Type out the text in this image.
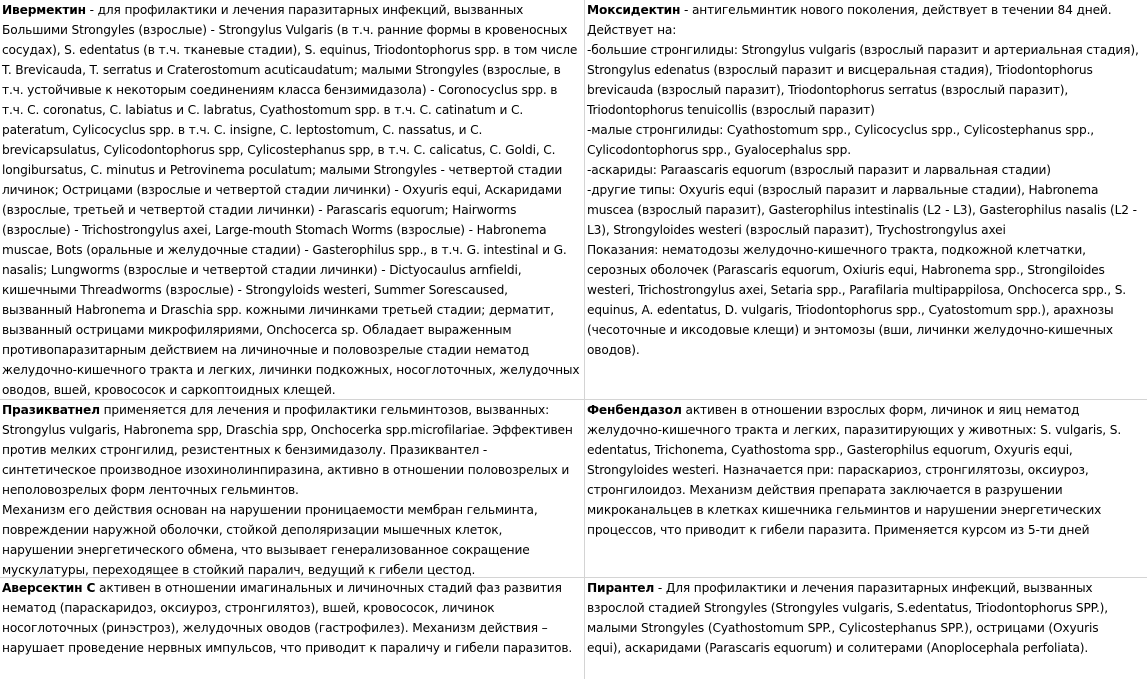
Ивермектин - для профилактики и лечения паразитарных инфекций, вызванных
Большими Strongyles (взрослые) - Strongylus Vulgaris (в т.ч. ранние формы в кровеносных
сосудах), S. edentatus (в т.ч. тканевые стадии), S. equinus, Triodontophorus spp. в том числе
T. Brevicauda, T. serratus и Craterostomum acuticaudatum; малыми Strongyles (взрослые, в
т.ч. устойчивые к некоторым соединениям класса бензимидазола) - Coronocyclus spp. в
т.ч. C. coronatus, C. labiatus и C. labratus, Cyathostomum spp. в т.ч. C. catinatum и C.
pateratum, Cylicocyclus spp. в т.ч. C. insigne, C. leptostomum, C. nassatus, и C.
brevicapsulatus, Cylicodontophorus spp, Cylicostephanus spp, в т.ч. C. calicatus, C. Goldi, C.
longibursatus, C. minutus и Petrovinema poculatum; малыми Strongyles - четвертой стадии
личинок; Острицами (взрослые и четвертой стадии личинки) - Oxyuris equi, Аскаридами
(взрослые, третьей и четвертой стадии личинки) - Parascaris equorum; Hairworms
(взрослые) - Trichostrongylus axei, Large-mouth Stomach Worms (взрослые) - Habronema
muscae, Bots (оральные и желудочные стадии) - Gasterophilus spp., в т.ч. G. intestinal и G.
nasalis; Lungworms (взрослые и четвертой стадии личинки) - Dictyocaulus arnfieldi,
кишечными Threadworms (взрослые) - Strongyloids westeri, Summer Sorescaused,
вызванный Habronema и Draschia spp. кожными личинками третьей стадии; дерматит,
вызванный острицами микрофиляриями, Onchocerca sp. Обладает выраженным
противопаразитарным действием на личиночные и половозрелые стадии нематод
желудочно-кишечного тракта и легких, личинки подкожных, носоглоточных, желудочных
оводов, вшей, кровососок и саркоптоидных клещей.
Моксидектин - антигельминтик нового поколения, действует в течении 84 дней.
Действует на:
-большие стронгилиды: Strongylus vulgaris (взрослый паразит и артериальная стадия),
Strongylus edenatus (взрослый паразит и висцеральная стадия), Triodontophorus
brevicauda (взрослый паразит), Triodontophorus serratus (взрослый паразит),
Triodontophorus tenuicollis (взрослый паразит)
-малые стронгилиды: Cyathostomum spp., Cylicocyclus spp., Cylicostephanus spp.,
Cylicodontophorus spp., Gyalocephalus spp.
-аскариды: Paraascaris equorum (взрослый паразит и ларвальная стадии)
-другие типы: Oxyuris equi (взрослый паразит и ларвальные стадии), Habronema
muscea (взрослый паразит), Gasterophilus intestinalis (L2 - L3), Gasterophilus nasalis (L2 -
L3), Strongyloides westeri (взрослый паразит), Trychostrongylus axei
Показания: нематодозы желудочно-кишечного тракта, подкожной клетчатки,
серозных оболочек (Parascaris equorum, Oxiuris equi, Habronema spp., Strongiloides
westeri, Trichostrongylus axei, Setaria spp., Parafilaria multipappilosa, Onchocerca spp., S.
equinus, A. edentatus, D. vulgaris, Triodontophorus spp., Cyatostomum spp.), арахнозы
(чесоточные и иксодовые клещи) и энтомозы (вши, личинки желудочно-кишечных
оводов).
Празикватнел применяется для лечения и профилактики гельминтозов, вызванных:
Strongylus vulgaris, Habronema spp, Draschia spp, Onchocerka spp.microfilariae. Эффективен
против мелких стронгилид, резистентных к бензимидазолу. Празиквантел -
синтетическое производное изохинолинпиразина, активно в отношении половозрелых и
неполовозрелых форм ленточных гельминтов.
Механизм его действия основан на нарушении проницаемости мембран гельминта,
повреждении наружной оболочки, стойкой деполяризации мышечных клеток,
нарушении энергетического обмена, что вызывает генерализованное сокращение
мускулатуры, переходящее в стойкий паралич, ведущий к гибели цестод.
Фенбендазол активен в отношении взрослых форм, личинок и яиц нематод
желудочно-кишечного тракта и легких, паразитирующих у животных: S. vulgaris, S.
edentatus, Trichonema, Cyathostoma spp., Gasterophilus equorum, Oxyuris equi,
Strongyloides westeri. Назначается при: параскариоз, стронгилятозы, оксиуроз,
стронгилоидоз. Механизм действия препарата заключается в разрушении
микроканальцев в клетках кишечника гельминтов и нарушении энергетических
процессов, что приводит к гибели паразита. Применяется курсом из 5-ти дней
Аверсектин С активен в отношении имагинальных и личиночных стадий фаз развития
нематод (параскаридоз, оксиуроз, стронгилятоз), вшей, кровососок, личинок
носоглоточных (ринэстроз), желудочных оводов (гастрофилез). Механизм действия –
нарушает проведение нервных импульсов, что приводит к параличу и гибели паразитов.
Пирантел - Для профилактики и лечения паразитарных инфекций, вызванных
взрослой стадией Strongyles (Strongyles vulgaris, S.edentatus, Triodontophorus SPP.),
малыми Strongyles (Cyathostomum SPP., Cylicostephanus SPP.), острицами (Oxyuris
equi), аскаридами (Parascaris equorum) и солитерами (Anoplocephala perfoliata).
